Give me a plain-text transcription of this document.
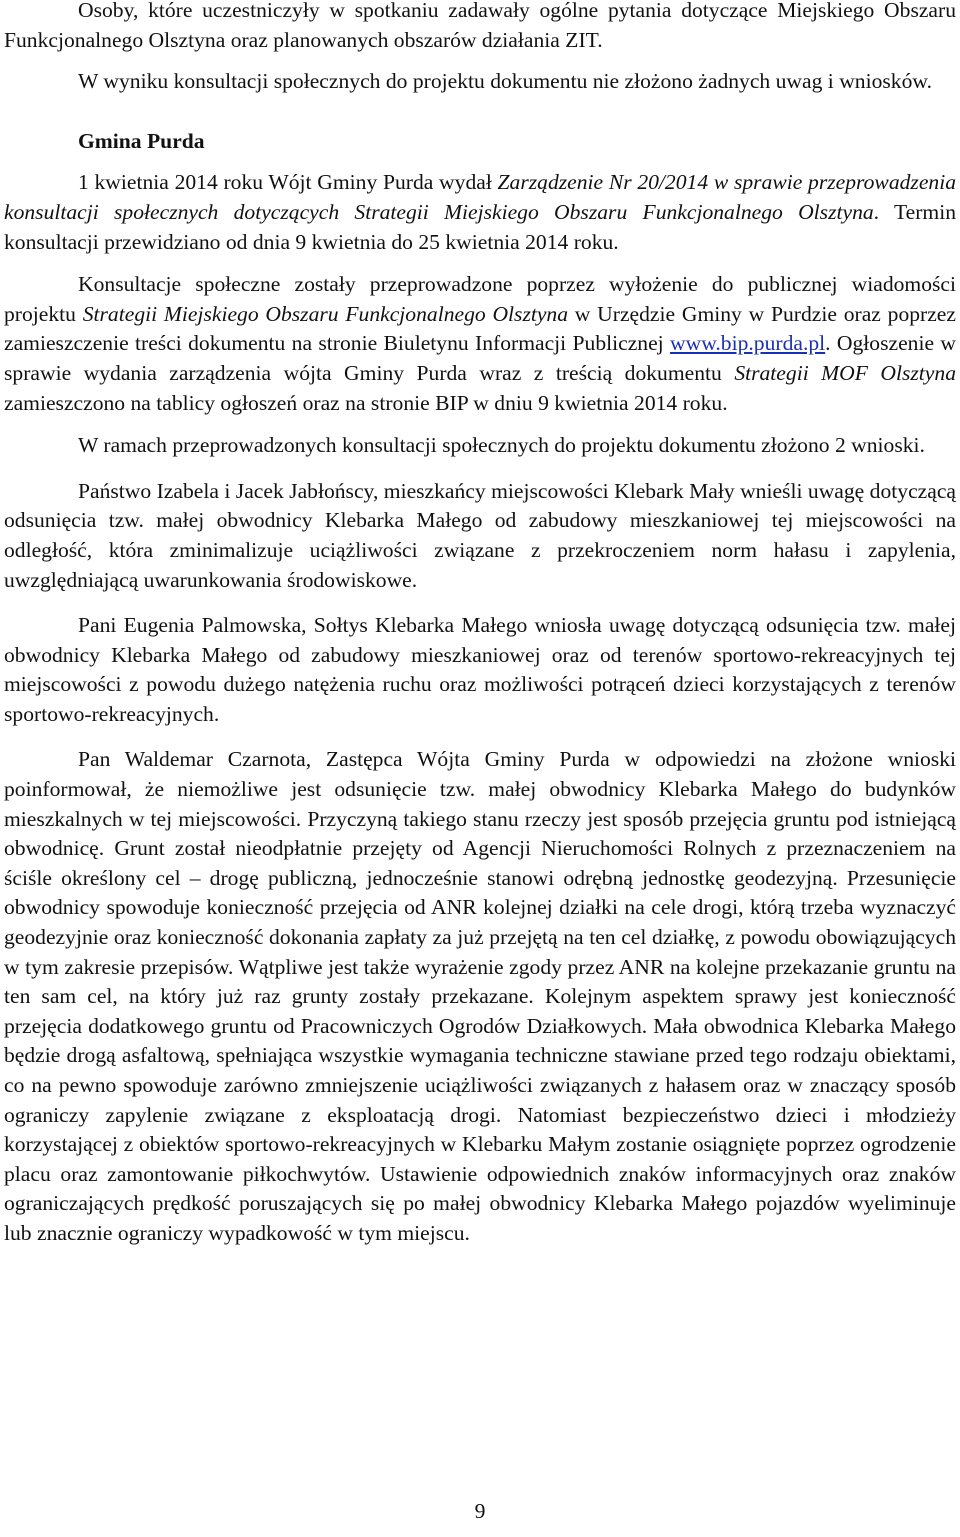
Osoby, które uczestniczyły w spotkaniu zadawały ogólne pytania dotyczące Miejskiego Obszaru Funkcjonalnego Olsztyna oraz planowanych obszarów działania ZIT.

W wyniku konsultacji społecznych do projektu dokumentu nie złożono żadnych uwag i wniosków.

Gmina Purda

1 kwietnia 2014 roku Wójt Gminy Purda wydał Zarządzenie Nr 20/2014 w sprawie przeprowadzenia konsultacji społecznych dotyczących Strategii Miejskiego Obszaru Funkcjonalnego Olsztyna. Termin konsultacji przewidziano od dnia 9 kwietnia do 25 kwietnia 2014 roku.

Konsultacje społeczne zostały przeprowadzone poprzez wyłożenie do publicznej wiadomości projektu Strategii Miejskiego Obszaru Funkcjonalnego Olsztyna w Urzędzie Gminy w Purdzie oraz poprzez zamieszczenie treści dokumentu na stronie Biuletynu Informacji Publicznej www.bip.purda.pl. Ogłoszenie w sprawie wydania zarządzenia wójta Gminy Purda wraz z treścią dokumentu Strategii MOF Olsztyna zamieszczono na tablicy ogłoszeń oraz na stronie BIP w dniu 9 kwietnia 2014 roku.

W ramach przeprowadzonych konsultacji społecznych do projektu dokumentu złożono 2 wnioski.

Państwo Izabela i Jacek Jabłońscy, mieszkańcy miejscowości Klebark Mały wnieśli uwagę dotyczącą odsunięcia tzw. małej obwodnicy Klebarka Małego od zabudowy mieszkaniowej tej miejscowości na odległość, która zminimalizuje uciążliwości związane z przekroczeniem norm hałasu i zapylenia, uwzględniającą uwarunkowania środowiskowe.

Pani Eugenia Palmowska, Sołtys Klebarka Małego wniosła uwagę dotyczącą odsunięcia tzw. małej obwodnicy Klebarka Małego od zabudowy mieszkaniowej oraz od terenów sportowo-rekreacyjnych tej miejscowości z powodu dużego natężenia ruchu oraz możliwości potrąceń dzieci korzystających z terenów sportowo-rekreacyjnych.

Pan Waldemar Czarnota, Zastępca Wójta Gminy Purda w odpowiedzi na złożone wnioski poinformował, że niemożliwe jest odsunięcie tzw. małej obwodnicy Klebarka Małego do budynków mieszkalnych w tej miejscowości. Przyczyną takiego stanu rzeczy jest sposób przejęcia gruntu pod istniejącą obwodnicę. Grunt został nieodpłatnie przejęty od Agencji Nieruchomości Rolnych z przeznaczeniem na ściśle określony cel – drogę publiczną, jednocześnie stanowi odrębną jednostkę geodezyjną. Przesunięcie obwodnicy spowoduje konieczność przejęcia od ANR kolejnej działki na cele drogi, którą trzeba wyznaczyć geodezyjnie oraz konieczność dokonania zapłaty za już przejętą na ten cel działkę, z powodu obowiązujących w tym zakresie przepisów. Wątpliwe jest także wyrażenie zgody przez ANR na kolejne przekazanie gruntu na ten sam cel, na który już raz grunty zostały przekazane. Kolejnym aspektem sprawy jest konieczność przejęcia dodatkowego gruntu od Pracowniczych Ogrodów Działkowych. Mała obwodnica Klebarka Małego będzie drogą asfaltową, spełniająca wszystkie wymagania techniczne stawiane przed tego rodzaju obiektami, co na pewno spowoduje zarówno zmniejszenie uciążliwości związanych z hałasem oraz w znaczący sposób ograniczy zapylenie związane z eksploatacją drogi. Natomiast bezpieczeństwo dzieci i młodzieży korzystającej z obiektów sportowo-rekreacyjnych w Klebarku Małym zostanie osiągnięte poprzez ogrodzenie placu oraz zamontowanie piłkochwytów. Ustawienie odpowiednich znaków informacyjnych oraz znaków ograniczających prędkość poruszających się po małej obwodnicy Klebarka Małego pojazdów wyeliminuje lub znacznie ograniczy wypadkowość w tym miejscu.

9
